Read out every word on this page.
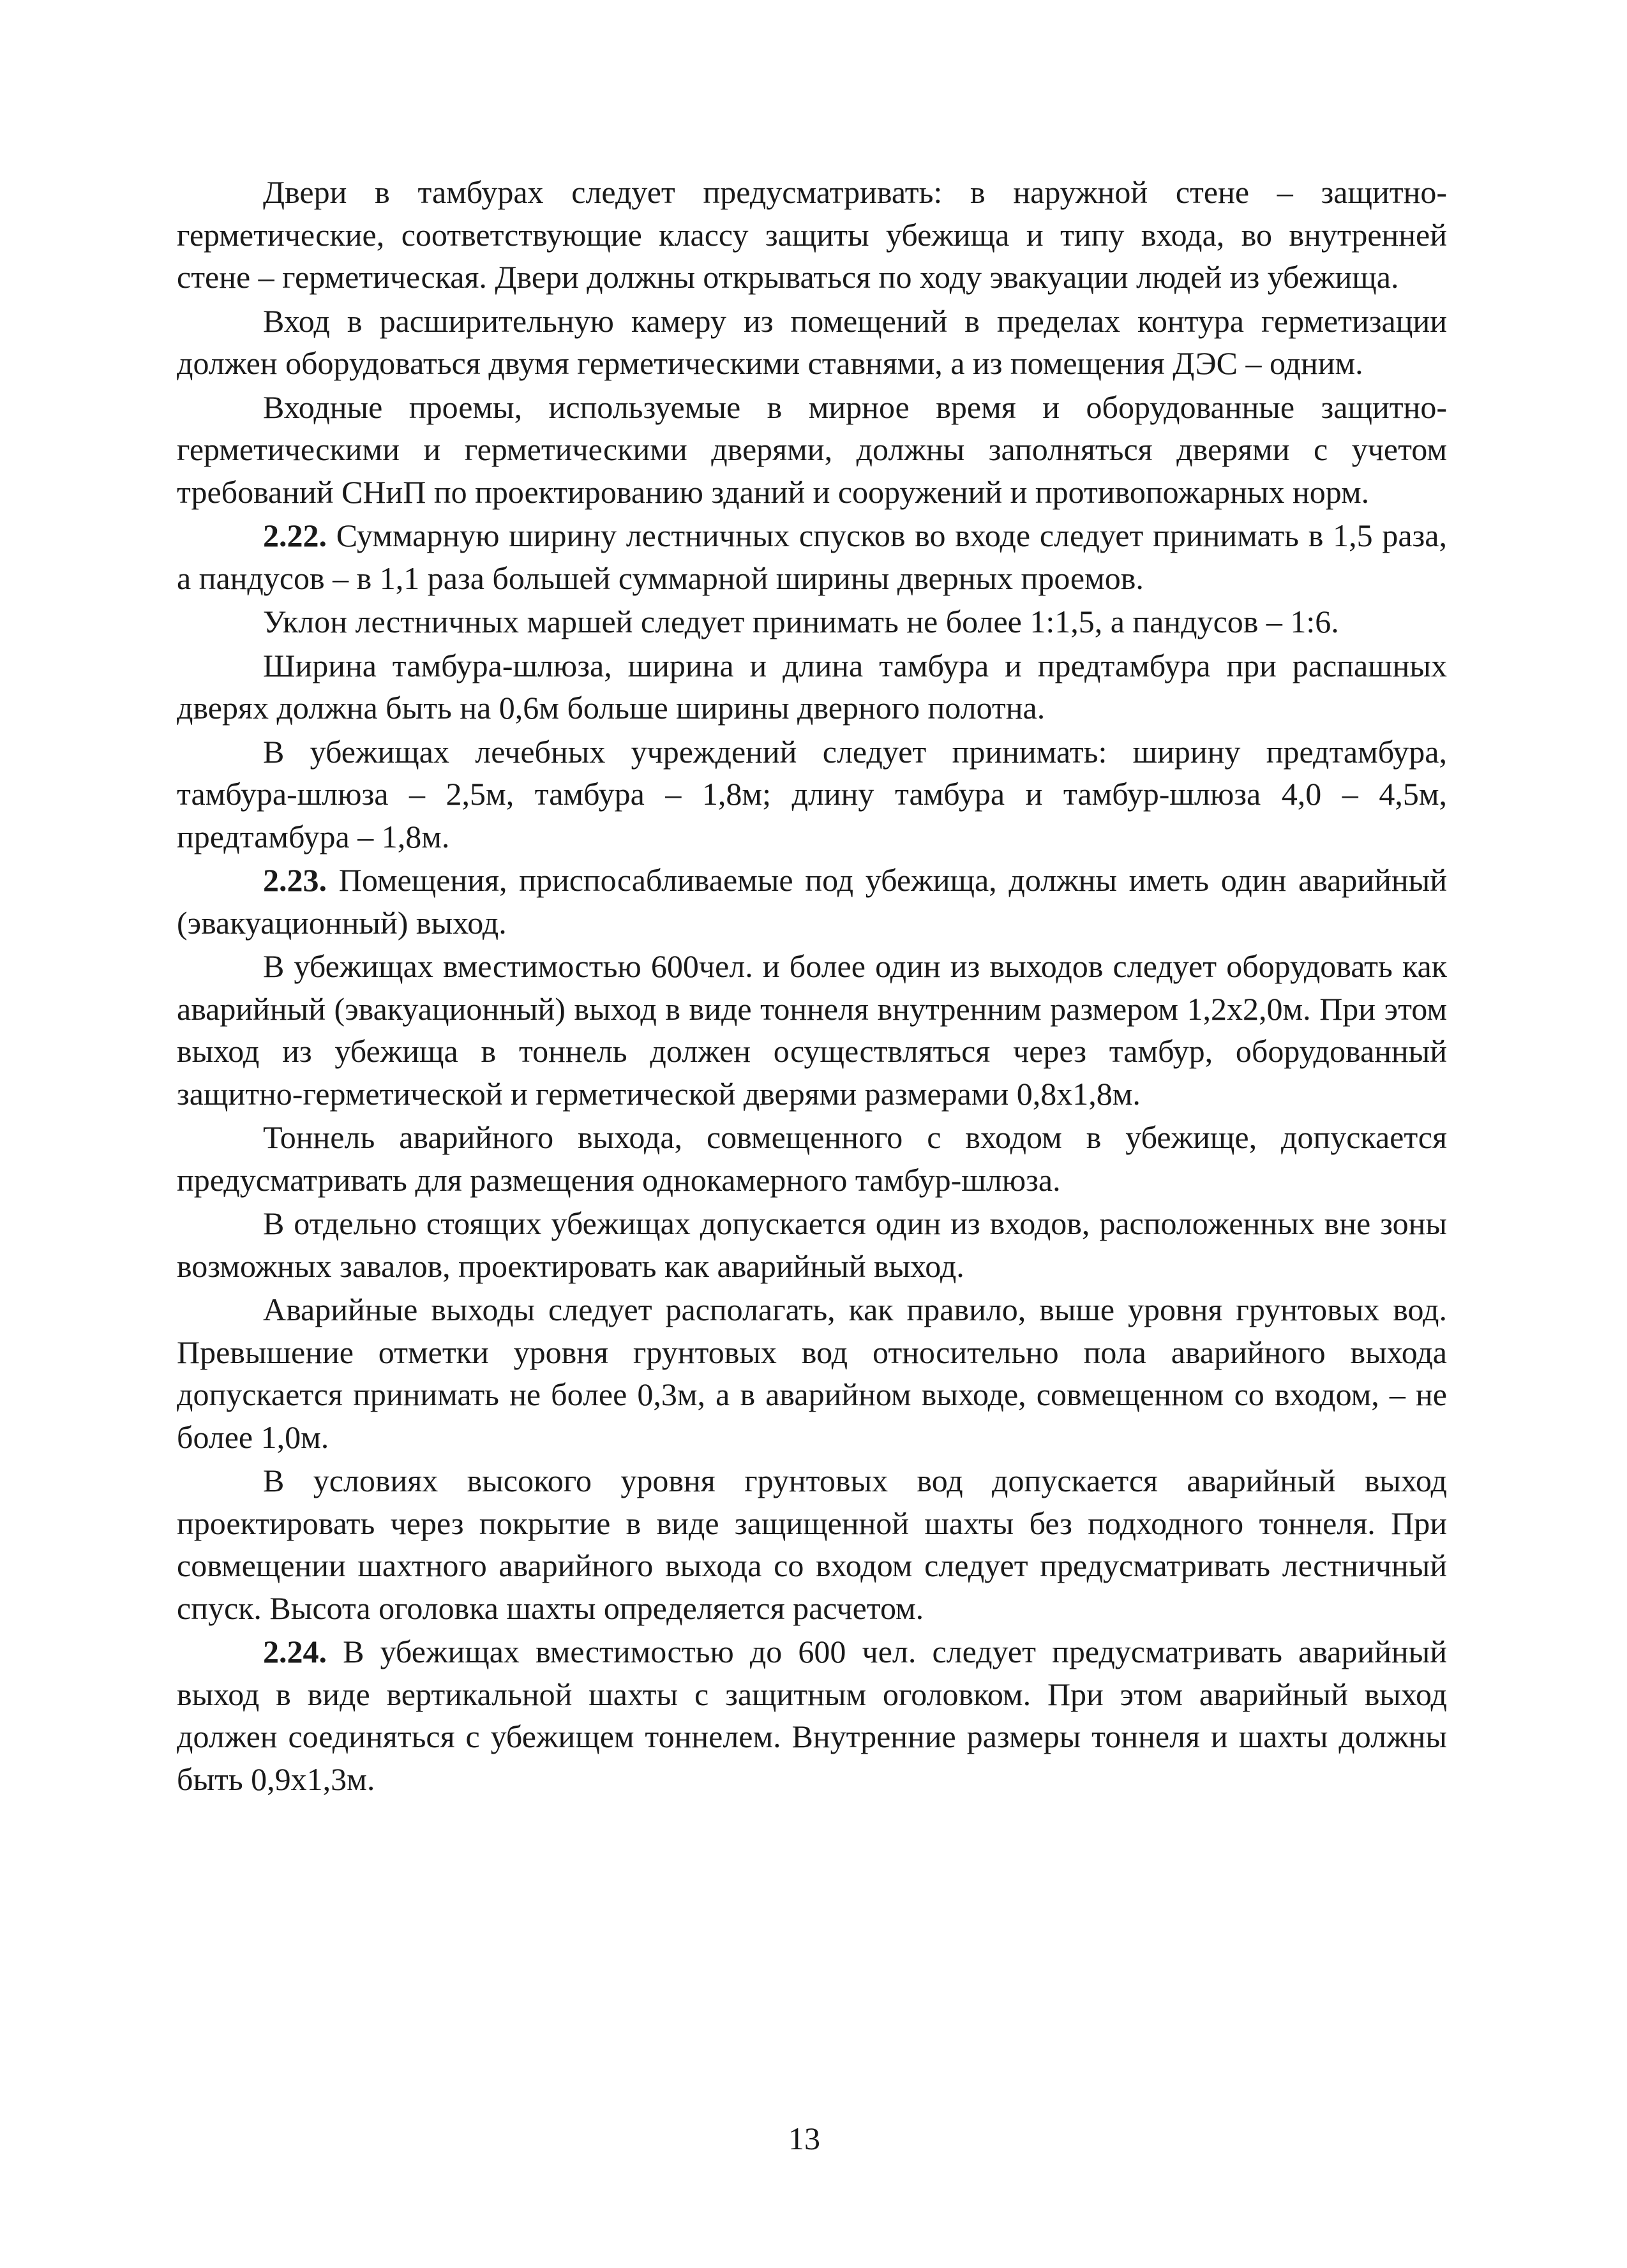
Двери в тамбурах следует предусматривать: в наружной стене – защитно-герметические, соответствующие классу защиты убежища и типу входа, во внутренней стене – герметическая. Двери должны открываться по ходу эвакуации людей из убежища.

Вход в расширительную камеру из помещений в пределах контура герметизации должен оборудоваться двумя герметическими ставнями, а из помещения ДЭС – одним.

Входные проемы, используемые в мирное время и оборудованные защитно-герметическими и герметическими дверями, должны заполняться дверями с учетом требований СНиП по проектированию зданий и сооружений и противопожарных норм.

2.22. Суммарную ширину лестничных спусков во входе следует принимать в 1,5 раза, а пандусов – в 1,1 раза большей суммарной ширины дверных проемов.

Уклон лестничных маршей следует принимать не более 1:1,5, а пандусов – 1:6.

Ширина тамбура-шлюза, ширина и длина тамбура и предтамбура при распашных дверях должна быть на 0,6м больше ширины дверного полотна.

В убежищах лечебных учреждений следует принимать: ширину предтамбура, тамбура-шлюза – 2,5м, тамбура – 1,8м; длину тамбура и тамбур-шлюза 4,0 – 4,5м, предтамбура – 1,8м.

2.23. Помещения, приспосабливаемые под убежища, должны иметь один аварийный (эвакуационный) выход.

В убежищах вместимостью 600чел. и более один из выходов следует оборудовать как аварийный (эвакуационный) выход в виде тоннеля внутренним размером 1,2х2,0м. При этом выход из убежища в тоннель должен осуществляться через тамбур, оборудованный защитно-герметической и герметической дверями размерами 0,8х1,8м.

Тоннель аварийного выхода, совмещенного с входом в убежище, допускается предусматривать для размещения однокамерного тамбур-шлюза.

В отдельно стоящих убежищах допускается один из входов, расположенных вне зоны возможных завалов, проектировать как аварийный выход.

Аварийные выходы следует располагать, как правило, выше уровня грунтовых вод. Превышение отметки уровня грунтовых вод относительно пола аварийного выхода допускается принимать не более 0,3м, а в аварийном выходе, совмещенном со входом, – не более 1,0м.

В условиях высокого уровня грунтовых вод допускается аварийный выход проектировать через покрытие в виде защищенной шахты без подходного тоннеля. При совмещении шахтного аварийного выхода со входом следует предусматривать лестничный спуск. Высота оголовка шахты определяется расчетом.

2.24. В убежищах вместимостью до 600 чел. следует предусматривать аварийный выход в виде вертикальной шахты с защитным оголовком. При этом аварийный выход должен соединяться с убежищем тоннелем. Внутренние размеры тоннеля и шахты должны быть 0,9х1,3м.

13
